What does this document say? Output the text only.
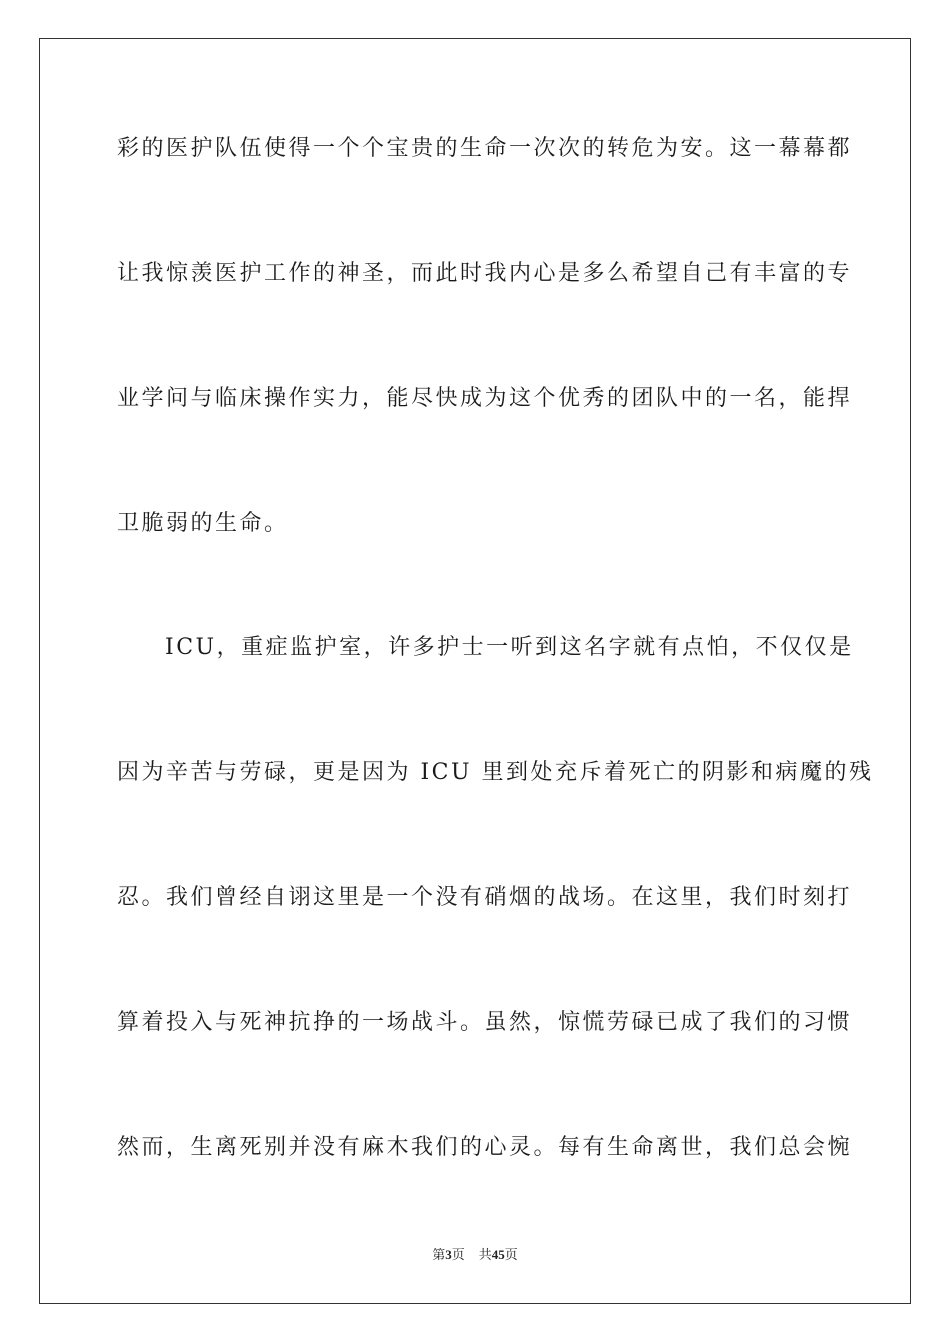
彩的医护队伍使得一个个宝贵的生命一次次的转危为安。这一幕幕都
让我惊羡医护工作的神圣，而此时我内心是多么希望自己有丰富的专
业学问与临床操作实力，能尽快成为这个优秀的团队中的一名，能捍
卫脆弱的生命。
ICU，重症监护室，许多护士一听到这名字就有点怕，不仅仅是
因为辛苦与劳碌，更是因为 ICU 里到处充斥着死亡的阴影和病魔的残
忍。我们曾经自诩这里是一个没有硝烟的战场。在这里，我们时刻打
算着投入与死神抗挣的一场战斗。虽然，惊慌劳碌已成了我们的习惯
然而，生离死别并没有麻木我们的心灵。每有生命离世，我们总会惋
第3页 共45页
